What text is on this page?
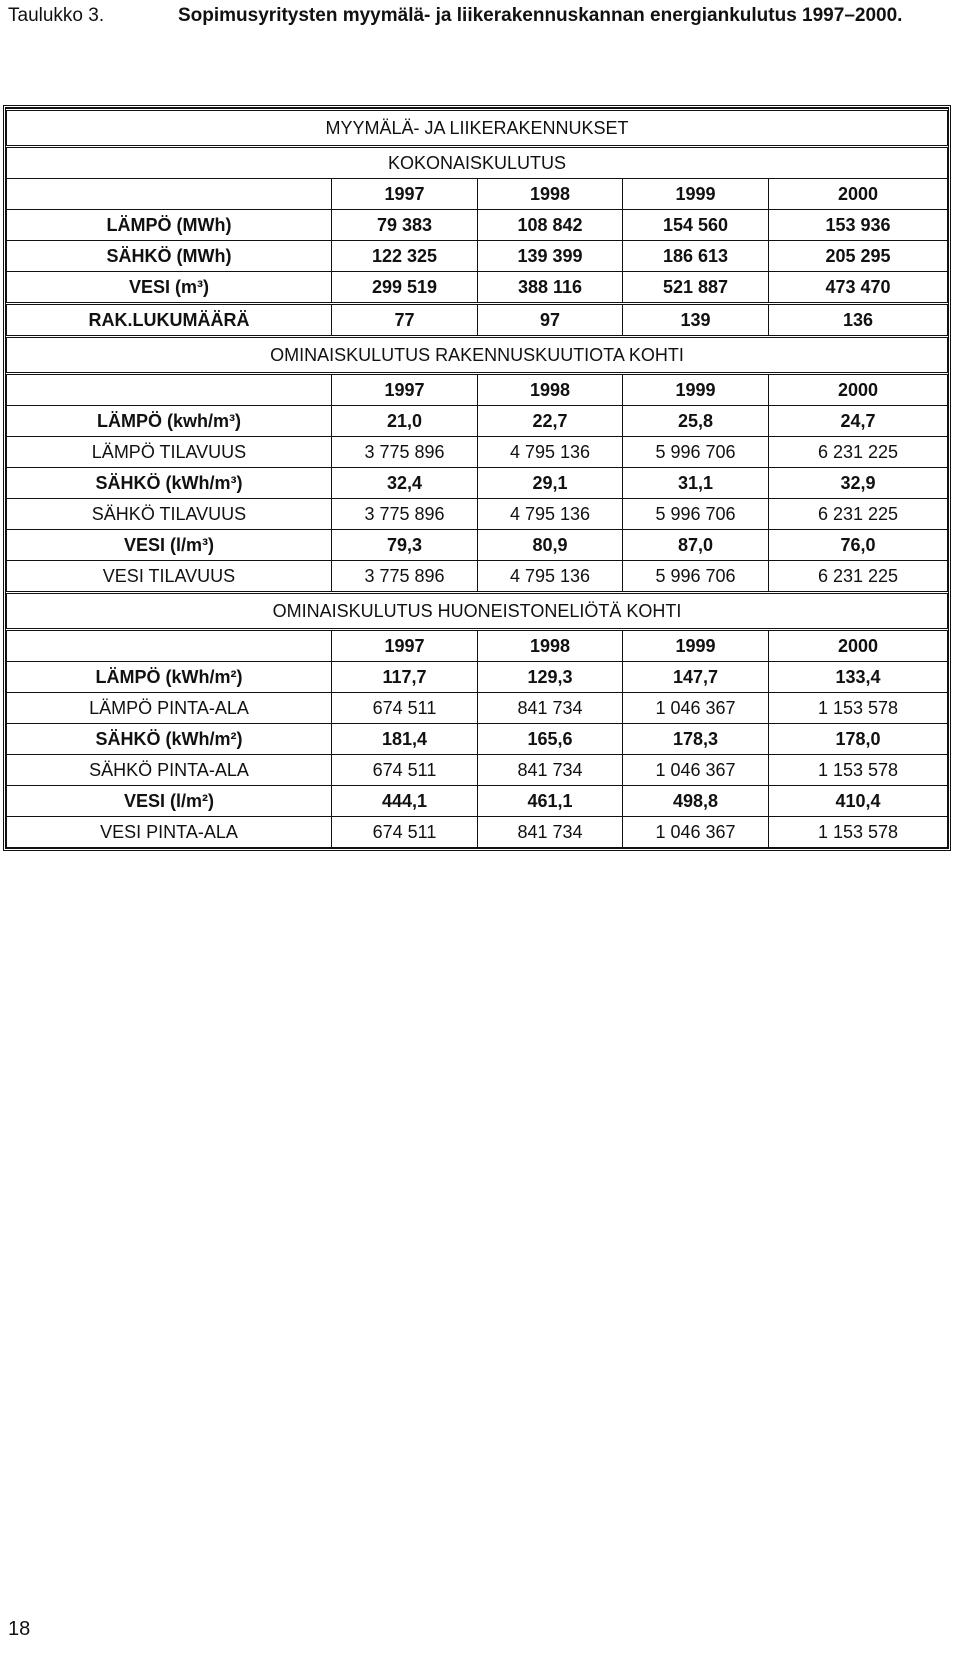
Taulukko 3.	Sopimusyritysten myymälä- ja liikerakennuskannan energiankulutus 1997–2000.
MYYMÄLÄ- JA LIIKERAKENNUKSET				
KOKONAISKULUTUS				
	1997	1998	1999	2000
LÄMPÖ (MWh)	79 383	108 842	154 560	153 936
SÄHKÖ (MWh)	122 325	139 399	186 613	205 295
VESI (m³)	299 519	388 116	521 887	473 470
RAK.LUKUMÄÄRÄ	77	97	139	136
OMINAISKULUTUS RAKENNUSKUUTIOTA KOHTI				
	1997	1998	1999	2000
LÄMPÖ (kwh/m³)	21,0	22,7	25,8	24,7
LÄMPÖ TILAVUUS	3 775 896	4 795 136	5 996 706	6 231 225
SÄHKÖ (kWh/m³)	32,4	29,1	31,1	32,9
SÄHKÖ TILAVUUS	3 775 896	4 795 136	5 996 706	6 231 225
VESI (l/m³)	79,3	80,9	87,0	76,0
VESI TILAVUUS	3 775 896	4 795 136	5 996 706	6 231 225
OMINAISKULUTUS HUONEISTONELIÖTÄ KOHTI				
	1997	1998	1999	2000
LÄMPÖ (kWh/m²)	117,7	129,3	147,7	133,4
LÄMPÖ PINTA-ALA	674 511	841 734	1 046 367	1 153 578
SÄHKÖ (kWh/m²)	181,4	165,6	178,3	178,0
SÄHKÖ PINTA-ALA	674 511	841 734	1 046 367	1 153 578
VESI (l/m²)	444,1	461,1	498,8	410,4
VESI PINTA-ALA	674 511	841 734	1 046 367	1 153 578
18
